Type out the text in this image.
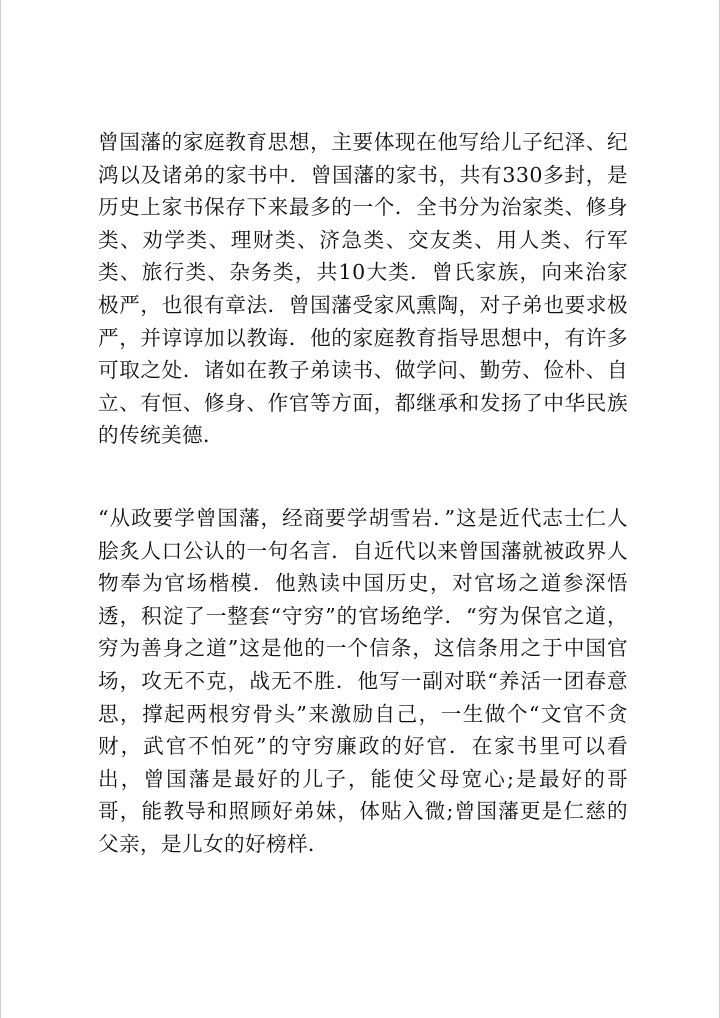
曾国藩的家庭教育思想，主要体现在他写给儿子纪泽、纪鸿以及诸弟的家书中．曾国藩的家书，共有330多封，是历史上家书保存下来最多的一个．全书分为治家类、修身类、劝学类、理财类、济急类、交友类、用人类、行军类、旅行类、杂务类，共10大类．曾氏家族，向来治家极严，也很有章法．曾国藩受家风熏陶，对子弟也要求极严，并谆谆加以教诲．他的家庭教育指导思想中，有许多可取之处．诸如在教子弟读书、做学问、勤劳、俭朴、自立、有恒、修身、作官等方面，都继承和发扬了中华民族的传统美德．

“从政要学曾国藩，经商要学胡雪岩．”这是近代志士仁人脍炙人口公认的一句名言．自近代以来曾国藩就被政界人物奉为官场楷模．他熟读中国历史，对官场之道参深悟透，积淀了一整套“守穷”的官场绝学．“穷为保官之道，穷为善身之道”这是他的一个信条，这信条用之于中国官场，攻无不克，战无不胜．他写一副对联“养活一团春意思，撑起两根穷骨头”来激励自己，一生做个“文官不贪财，武官不怕死”的守穷廉政的好官．在家书里可以看出，曾国藩是最好的儿子，能使父母宽心;是最好的哥哥，能教导和照顾好弟妹，体贴入微;曾国藩更是仁慈的父亲，是儿女的好榜样．
